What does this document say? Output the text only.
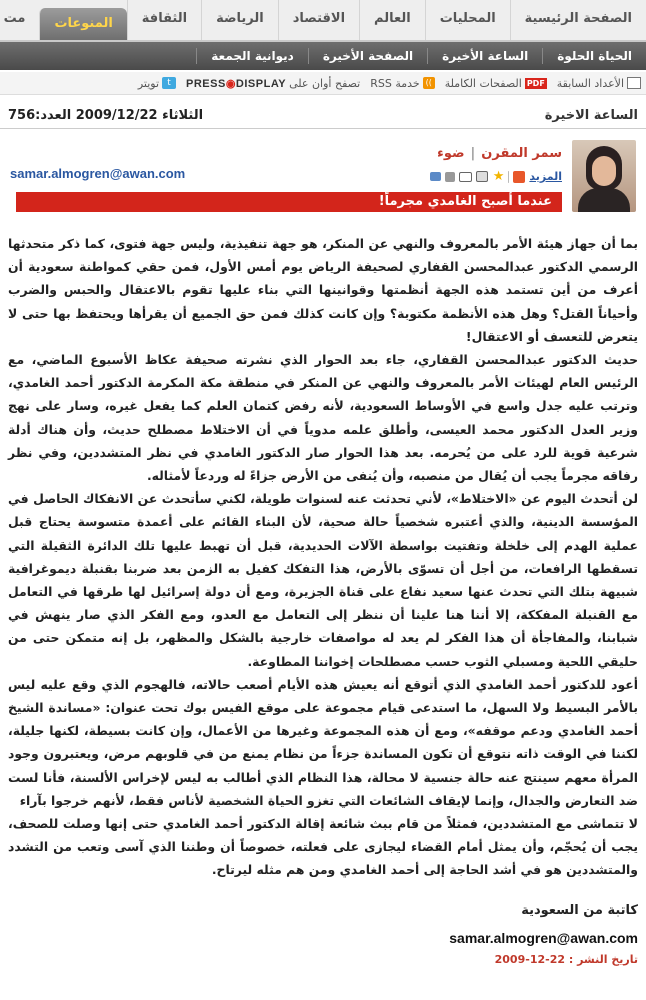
الصفحة الرئيسية
المحليات
العالم
الاقتصاد
الرياضة
الثقافة
المنوعات
مت
الحياة الحلوة
الساعة الأخيرة
الصفحة الأخيرة
ديوانية الجمعة
الأعداد السابقة
PDF
الصفحات الكاملة
))
خدمة RSS
تصفح أوان على
PRESS◉DISPLAY
t
تويتر
الساعة الاخيرة
الثلاثاء 2009/12/22 العدد:756
سمر المقرن|ضوء
المزيد
★
samar.almogren@awan.com
عندما أصبح الغامدي مجرماً!

بما أن جهاز هيئة الأمر بالمعروف والنهي عن المنكر، هو جهة تنفيذية، وليس جهة فتوى، كما ذكر متحدثها الرسمي الدكتور عبدالمحسن القفاري لصحيفة الرياض يوم أمس الأول، فمن حقي كمواطنة سعودية أن أعرف من أين تستمد هذه الجهة أنظمتها وقوانينها التي بناء عليها تقوم بالاعتقال والحبس والضرب وأحياناً القتل؟ وهل هذه الأنظمة مكتوبة؟ وإن كانت كذلك فمن حق الجميع أن يقرأها ويحتفظ بها حتى لا يتعرض للتعسف أو الاعتقال!

حديث الدكتور عبدالمحسن القفاري، جاء بعد الحوار الذي نشرته صحيفة عكاظ الأسبوع الماضي، مع الرئيس العام لهيئات الأمر بالمعروف والنهي عن المنكر في منطقة مكة المكرمة الدكتور أحمد الغامدي، وترتب عليه جدل واسع في الأوساط السعودية، لأنه رفض كتمان العلم كما يفعل غيره، وسار على نهج وزير العدل الدكتور محمد العيسى، وأطلق علمه مدوياً في أن الاختلاط مصطلح حديث، وأن هناك أدلة شرعية قوية للرد على من يُحرمه. بعد هذا الحوار صار الدكتور الغامدي في نظر المتشددين، وفي نظر رفاقه مجرماً يجب أن يُقال من منصبه، وأن يُنفى من الأرض جزاءً له وردعاً لأمثاله.

لن أتحدث اليوم عن «الاختلاط»، لأني تحدثت عنه لسنوات طويلة، لكني سأتحدث عن الانفكاك الحاصل في المؤسسة الدينية، والذي أعتبره شخصياً حالة صحية، لأن البناء القائم على أعمدة متسوسة يحتاج قبل عملية الهدم إلى خلخلة وتفتيت بواسطة الآلات الحديدية، قبل أن تهبط عليها تلك الدائرة الثقيلة التي تسقطها الرافعات، من أجل أن تسوّى بالأرض، هذا التفكك كفيل به الزمن بعد ضربنا بقنبلة ديموغرافية شبيهة بتلك التي تحدث عنها سعيد نفاع على قناة الجزيرة، ومع أن دولة إسرائيل لها طرقها في التعامل مع القنبلة المفككة، إلا أننا هنا علينا أن ننظر إلى التعامل مع العدو، ومع الفكر الذي صار ينهش في شبابنا، والمفاجأة أن هذا الفكر لم يعد له مواصفات خارجية بالشكل والمظهر، بل إنه متمكن حتى من حليقي اللحية ومسبلي الثوب حسب مصطلحات إخواننا المطاوعة.

أعود للدكتور أحمد الغامدي الذي أتوقع أنه يعيش هذه الأيام أصعب حالاته، فالهجوم الذي وقع عليه ليس بالأمر البسيط ولا السهل، ما استدعى قيام مجموعة على موقع الفيس بوك تحت عنوان: «مساندة الشيخ أحمد الغامدي ودعم موقفه»، ومع أن هذه المجموعة وغيرها من الأعمال، وإن كانت بسيطة، لكنها جليلة، لكننا في الوقت ذاته نتوقع أن تكون المساندة جزءاً من نظام يمنع من في قلوبهم مرض، ويعتبرون وجود المرأة معهم سينتج عنه حالة جنسية لا محالة، هذا النظام الذي أطالب به ليس لإخراس الألسنة، فأنا لست ضد التعارض والجدال، وإنما لإيقاف الشائعات التي تغزو الحياة الشخصية لأناس فقط، لأنهم خرجوا بآراء

لا تتماشى مع المتشددين، فمثلاً من قام ببث شائعة إقالة الدكتور أحمد الغامدي حتى إنها وصلت للصحف، يجب أن يُحجّم، وأن يمثل أمام القضاء ليجازى على فعلته، خصوصاً أن وطننا الذي آسى وتعب من التشدد والمتشددين هو في أشد الحاجة إلى أحمد الغامدي ومن هم مثله ليرتاح.

كاتبة من السعودية
samar.almogren@awan.com
تاريخ النشر : 22-12-2009
